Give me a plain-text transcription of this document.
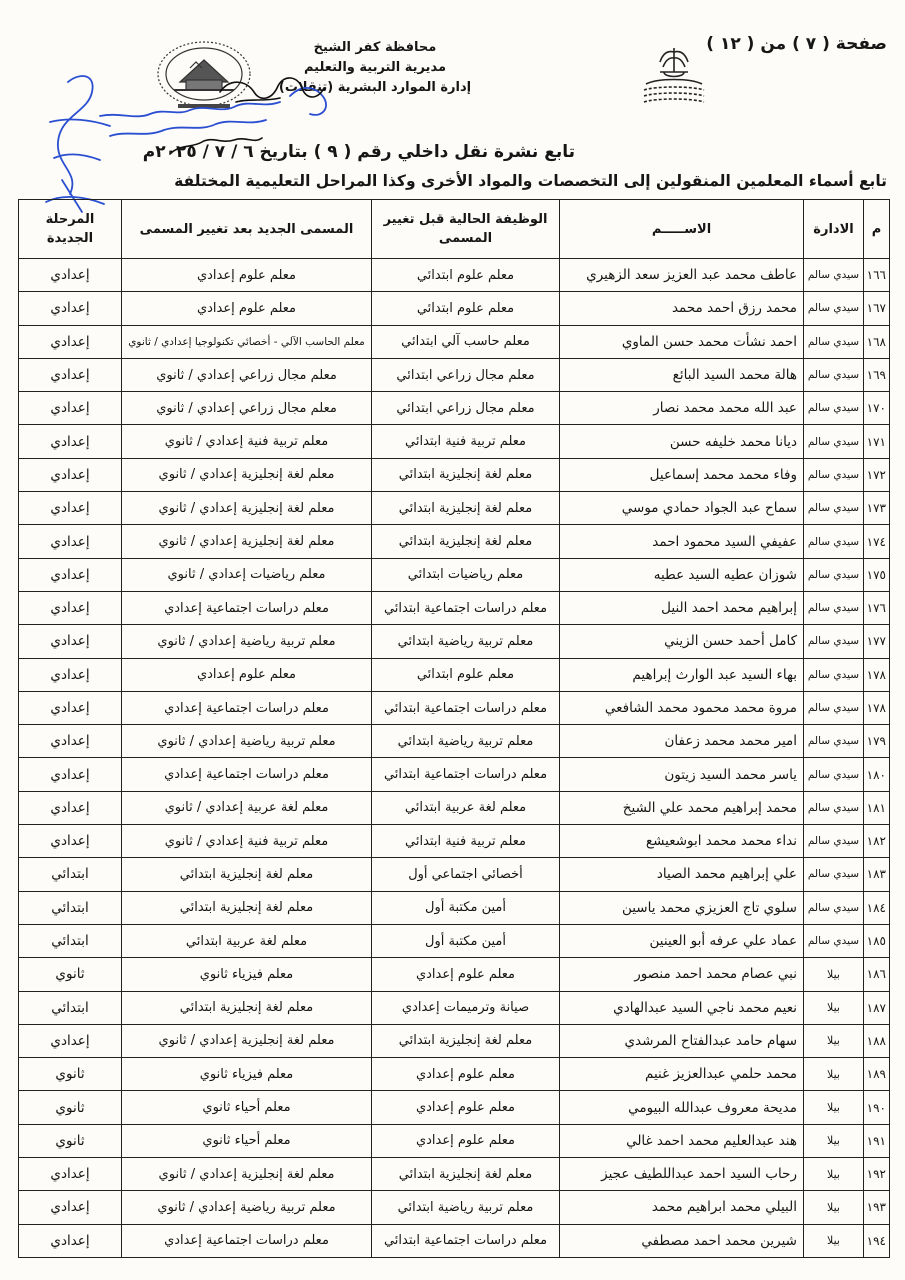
صفحة ( ٧ ) من ( ١٢ )
محافظة كفر الشيخ
مديرية التربية والتعليم
إدارة الموارد البشرية (تنقلات)
تابع نشرة نقل داخلي رقم ( ٩ ) بتاريخ ٦ / ٧ / ٢٠٢٥م
تابع أسماء المعلمين المنقولين إلى التخصصات والمواد الأخرى وكذا المراحل التعليمية المختلفة
م	الادارة	الاســـــم	الوظيفة الحالية قبل تغيير المسمى	المسمى الجديد بعد تغيير المسمى	المرحلة الجديدة
١٦٦	سيدي سالم	عاطف محمد عبد العزيز سعد الزهيري	معلم علوم ابتدائي	معلم علوم إعدادي	إعدادي
١٦٧	سيدي سالم	محمد رزق احمد محمد	معلم علوم ابتدائي	معلم علوم إعدادي	إعدادي
١٦٨	سيدي سالم	احمد نشأت محمد حسن الماوي	معلم حاسب آلي ابتدائي	معلم الحاسب الآلي - أخصائي تكنولوجيا إعدادي / ثانوي	إعدادي
١٦٩	سيدي سالم	هالة محمد السيد البائع	معلم مجال زراعي ابتدائي	معلم مجال زراعي إعدادي / ثانوي	إعدادي
١٧٠	سيدي سالم	عبد الله محمد محمد نصار	معلم مجال زراعي ابتدائي	معلم مجال زراعي إعدادي / ثانوي	إعدادي
١٧١	سيدي سالم	ديانا محمد خليفه حسن	معلم تربية فنية ابتدائي	معلم تربية فنية إعدادي / ثانوي	إعدادي
١٧٢	سيدي سالم	وفاء محمد محمد إسماعيل	معلم لغة إنجليزية ابتدائي	معلم لغة إنجليزية إعدادي / ثانوي	إعدادي
١٧٣	سيدي سالم	سماح عبد الجواد حمادي موسي	معلم لغة إنجليزية ابتدائي	معلم لغة إنجليزية إعدادي / ثانوي	إعدادي
١٧٤	سيدي سالم	عفيفي السيد محمود احمد	معلم لغة إنجليزية ابتدائي	معلم لغة إنجليزية إعدادي / ثانوي	إعدادي
١٧٥	سيدي سالم	شوزان عطيه السيد عطيه	معلم رياضيات ابتدائي	معلم رياضيات إعدادي / ثانوي	إعدادي
١٧٦	سيدي سالم	إبراهيم محمد احمد النيل	معلم دراسات اجتماعية ابتدائي	معلم دراسات اجتماعية إعدادي	إعدادي
١٧٧	سيدي سالم	كامل أحمد حسن الزيني	معلم تربية رياضية ابتدائي	معلم تربية رياضية إعدادي / ثانوي	إعدادي
١٧٨	سيدي سالم	بهاء السيد عبد الوارث إبراهيم	معلم علوم ابتدائي	معلم علوم إعدادي	إعدادي
١٧٨	سيدي سالم	مروة محمد محمود محمد الشافعي	معلم دراسات اجتماعية ابتدائي	معلم دراسات اجتماعية إعدادي	إعدادي
١٧٩	سيدي سالم	امير محمد محمد زعفان	معلم تربية رياضية ابتدائي	معلم تربية رياضية إعدادي / ثانوي	إعدادي
١٨٠	سيدي سالم	ياسر محمد السيد زيتون	معلم دراسات اجتماعية ابتدائي	معلم دراسات اجتماعية إعدادي	إعدادي
١٨١	سيدي سالم	محمد إبراهيم محمد علي الشيخ	معلم لغة عربية ابتدائي	معلم لغة عربية إعدادي / ثانوي	إعدادي
١٨٢	سيدي سالم	نداء محمد محمد ابوشعيشع	معلم تربية فنية ابتدائي	معلم تربية فنية إعدادي / ثانوي	إعدادي
١٨٣	سيدي سالم	علي إبراهيم محمد الصياد	أخصائي اجتماعي أول	معلم لغة إنجليزية ابتدائي	ابتدائي
١٨٤	سيدي سالم	سلوي تاج العزيزي محمد ياسين	أمين مكتبة أول	معلم لغة إنجليزية ابتدائي	ابتدائي
١٨٥	سيدي سالم	عماد علي عرفه أبو العينين	أمين مكتبة أول	معلم لغة عربية ابتدائي	ابتدائي
١٨٦	بيلا	نبي عصام محمد احمد منصور	معلم علوم إعدادي	معلم فيزياء ثانوي	ثانوي
١٨٧	بيلا	نعيم محمد ناجي السيد عبدالهادي	صيانة وترميمات إعدادي	معلم لغة إنجليزية ابتدائي	ابتدائي
١٨٨	بيلا	سهام حامد عبدالفتاح المرشدي	معلم لغة إنجليزية ابتدائي	معلم لغة إنجليزية إعدادي / ثانوي	إعدادي
١٨٩	بيلا	محمد حلمي عبدالعزيز غنيم	معلم علوم إعدادي	معلم فيزياء ثانوي	ثانوي
١٩٠	بيلا	مديحة معروف عبدالله البيومي	معلم علوم إعدادي	معلم أحياء ثانوي	ثانوي
١٩١	بيلا	هند عبدالعليم محمد احمد غالي	معلم علوم إعدادي	معلم أحياء ثانوي	ثانوي
١٩٢	بيلا	رحاب السيد احمد عبداللطيف عجيز	معلم لغة إنجليزية ابتدائي	معلم لغة إنجليزية إعدادي / ثانوي	إعدادي
١٩٣	بيلا	البيلي محمد ابراهيم محمد	معلم تربية رياضية ابتدائي	معلم تربية رياضية إعدادي / ثانوي	إعدادي
١٩٤	بيلا	شيرين محمد احمد مصطفي	معلم دراسات اجتماعية ابتدائي	معلم دراسات اجتماعية إعدادي	إعدادي
